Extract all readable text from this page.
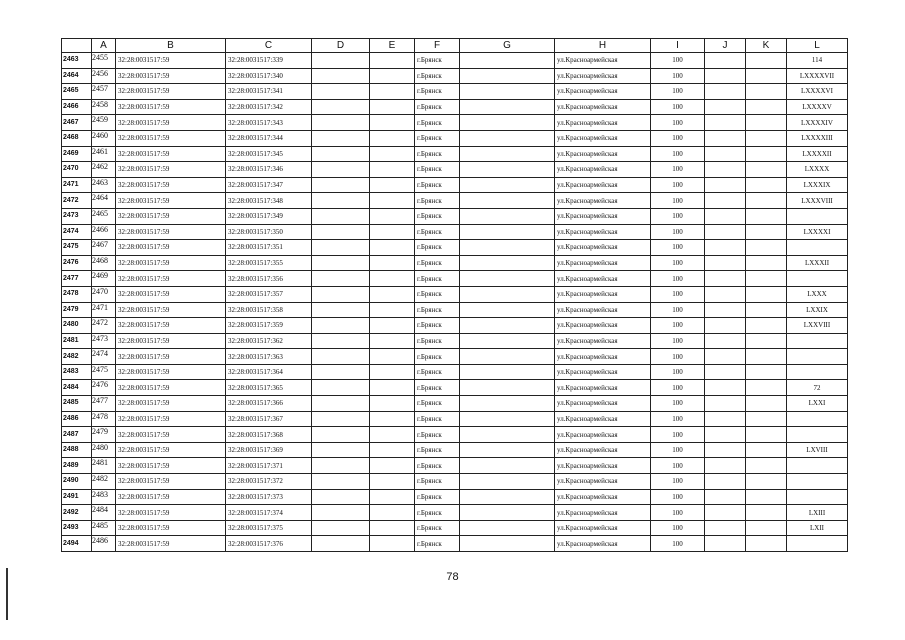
	A	B	C	D	E	F	G	H	I	J	K	L
2463	2455	32:28:0031517:59	32:28:0031517:339			г.Брянск		ул.Красноармейская	100			114
2464	2456	32:28:0031517:59	32:28:0031517:340			г.Брянск		ул.Красноармейская	100			LXXXXVII
2465	2457	32:28:0031517:59	32:28:0031517:341			г.Брянск		ул.Красноармейская	100			LXXXXVI
2466	2458	32:28:0031517:59	32:28:0031517:342			г.Брянск		ул.Красноармейская	100			LXXXXV
2467	2459	32:28:0031517:59	32:28:0031517:343			г.Брянск		ул.Красноармейская	100			LXXXXIV
2468	2460	32:28:0031517:59	32:28:0031517:344			г.Брянск		ул.Красноармейская	100			LXXXXIII
2469	2461	32:28:0031517:59	32:28:0031517:345			г.Брянск		ул.Красноармейская	100			LXXXXII
2470	2462	32:28:0031517:59	32:28:0031517:346			г.Брянск		ул.Красноармейская	100			LXXXX
2471	2463	32:28:0031517:59	32:28:0031517:347			г.Брянск		ул.Красноармейская	100			LXXXIX
2472	2464	32:28:0031517:59	32:28:0031517:348			г.Брянск		ул.Красноармейская	100			LXXXVIII
2473	2465	32:28:0031517:59	32:28:0031517:349			г.Брянск		ул.Красноармейская	100			
2474	2466	32:28:0031517:59	32:28:0031517:350			г.Брянск		ул.Красноармейская	100			LXXXXI
2475	2467	32:28:0031517:59	32:28:0031517:351			г.Брянск		ул.Красноармейская	100			
2476	2468	32:28:0031517:59	32:28:0031517:355			г.Брянск		ул.Красноармейская	100			LXXXII
2477	2469	32:28:0031517:59	32:28:0031517:356			г.Брянск		ул.Красноармейская	100			
2478	2470	32:28:0031517:59	32:28:0031517:357			г.Брянск		ул.Красноармейская	100			LXXX
2479	2471	32:28:0031517:59	32:28:0031517:358			г.Брянск		ул.Красноармейская	100			LXXIX
2480	2472	32:28:0031517:59	32:28:0031517:359			г.Брянск		ул.Красноармейская	100			LXXVIII
2481	2473	32:28:0031517:59	32:28:0031517:362			г.Брянск		ул.Красноармейская	100			
2482	2474	32:28:0031517:59	32:28:0031517:363			г.Брянск		ул.Красноармейская	100			
2483	2475	32:28:0031517:59	32:28:0031517:364			г.Брянск		ул.Красноармейская	100			
2484	2476	32:28:0031517:59	32:28:0031517:365			г.Брянск		ул.Красноармейская	100			72
2485	2477	32:28:0031517:59	32:28:0031517:366			г.Брянск		ул.Красноармейская	100			LXXI
2486	2478	32:28:0031517:59	32:28:0031517:367			г.Брянск		ул.Красноармейская	100			
2487	2479	32:28:0031517:59	32:28:0031517:368			г.Брянск		ул.Красноармейская	100			
2488	2480	32:28:0031517:59	32:28:0031517:369			г.Брянск		ул.Красноармейская	100			LXVIII
2489	2481	32:28:0031517:59	32:28:0031517:371			г.Брянск		ул.Красноармейская	100			
2490	2482	32:28:0031517:59	32:28:0031517:372			г.Брянск		ул.Красноармейская	100			
2491	2483	32:28:0031517:59	32:28:0031517:373			г.Брянск		ул.Красноармейская	100			
2492	2484	32:28:0031517:59	32:28:0031517:374			г.Брянск		ул.Красноармейская	100			LXIII
2493	2485	32:28:0031517:59	32:28:0031517:375			г.Брянск		ул.Красноармейская	100			LXII
2494	2486	32:28:0031517:59	32:28:0031517:376			г.Брянск		ул.Красноармейская	100			
78
